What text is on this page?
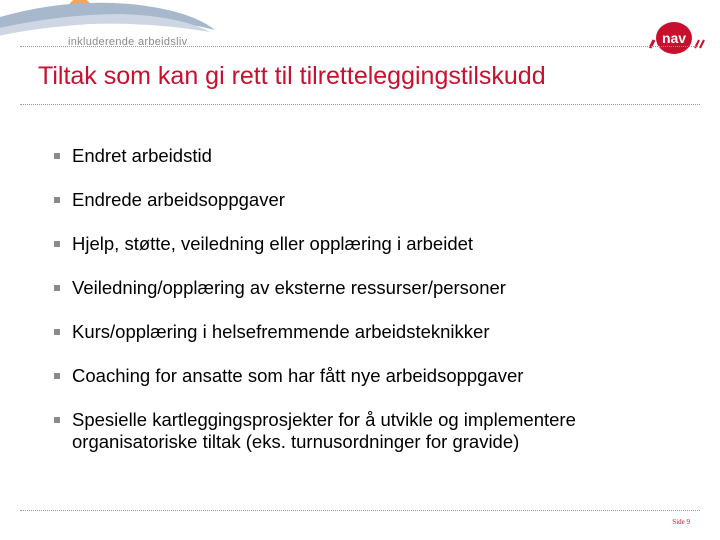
inkluderende arbeidsliv	nav
Tiltak som kan gi rett til tilretteleggingstilskudd
Endret arbeidstid
Endrede arbeidsoppgaver
Hjelp, støtte, veiledning eller opplæring i arbeidet
Veiledning/opplæring av eksterne ressurser/personer
Kurs/opplæring i helsefremmende arbeidsteknikker
Coaching for ansatte som har fått nye arbeidsoppgaver
Spesielle kartleggingsprosjekter for å utvikle og implementere organisatoriske tiltak (eks. turnusordninger for gravide)
Side 9
